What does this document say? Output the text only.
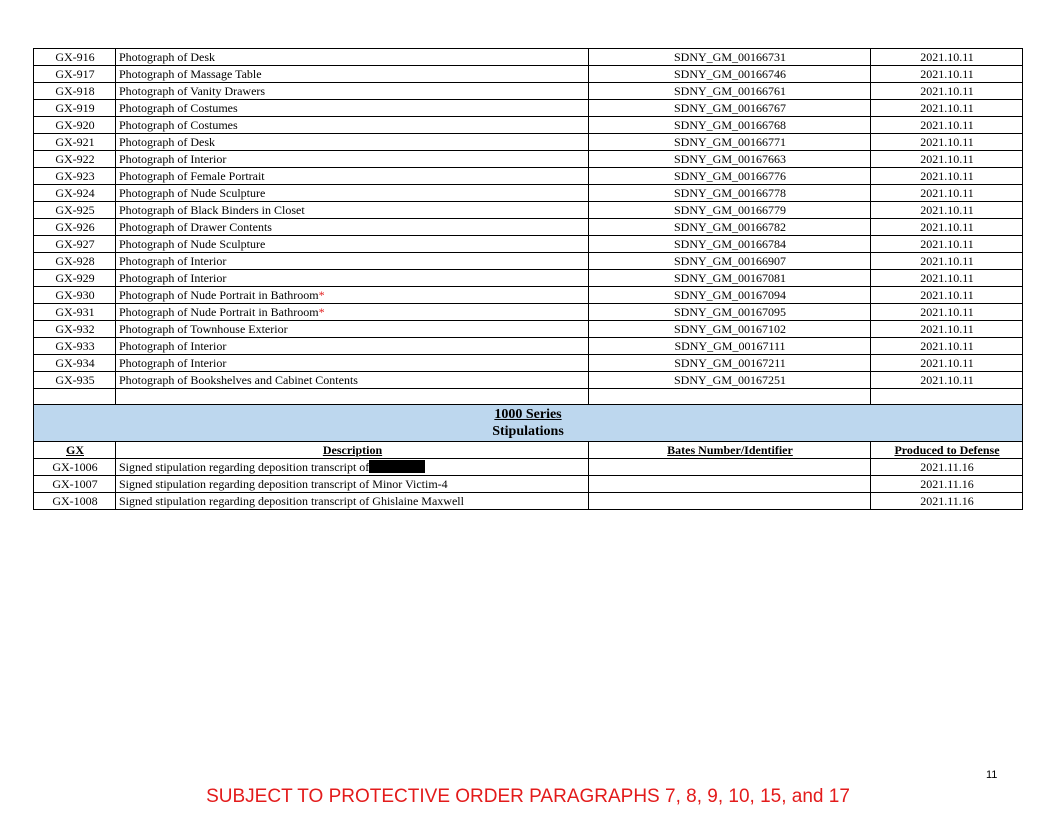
GX-916	Photograph of Desk	SDNY_GM_00166731	2021.10.11
GX-917	Photograph of Massage Table	SDNY_GM_00166746	2021.10.11
GX-918	Photograph of Vanity Drawers	SDNY_GM_00166761	2021.10.11
GX-919	Photograph of Costumes	SDNY_GM_00166767	2021.10.11
GX-920	Photograph of Costumes	SDNY_GM_00166768	2021.10.11
GX-921	Photograph of Desk	SDNY_GM_00166771	2021.10.11
GX-922	Photograph of Interior	SDNY_GM_00167663	2021.10.11
GX-923	Photograph of Female Portrait	SDNY_GM_00166776	2021.10.11
GX-924	Photograph of Nude Sculpture	SDNY_GM_00166778	2021.10.11
GX-925	Photograph of Black Binders in Closet	SDNY_GM_00166779	2021.10.11
GX-926	Photograph of Drawer Contents	SDNY_GM_00166782	2021.10.11
GX-927	Photograph of Nude Sculpture	SDNY_GM_00166784	2021.10.11
GX-928	Photograph of Interior	SDNY_GM_00166907	2021.10.11
GX-929	Photograph of Interior	SDNY_GM_00167081	2021.10.11
GX-930	Photograph of Nude Portrait in Bathroom*	SDNY_GM_00167094	2021.10.11
GX-931	Photograph of Nude Portrait in Bathroom*	SDNY_GM_00167095	2021.10.11
GX-932	Photograph of Townhouse Exterior	SDNY_GM_00167102	2021.10.11
GX-933	Photograph of Interior	SDNY_GM_00167111	2021.10.11
GX-934	Photograph of Interior	SDNY_GM_00167211	2021.10.11
GX-935	Photograph of Bookshelves and Cabinet Contents	SDNY_GM_00167251	2021.10.11

1000 Series
Stipulations			

GX	Description	Bates Number/Identifier	Produced to Defense
GX-1006	Signed stipulation regarding deposition transcript of		2021.11.16
GX-1007	Signed stipulation regarding deposition transcript of Minor Victim-4		2021.11.16
GX-1008	Signed stipulation regarding deposition transcript of Ghislaine Maxwell		2021.11.16
11
SUBJECT TO PROTECTIVE ORDER PARAGRAPHS 7, 8, 9, 10, 15, and 17
